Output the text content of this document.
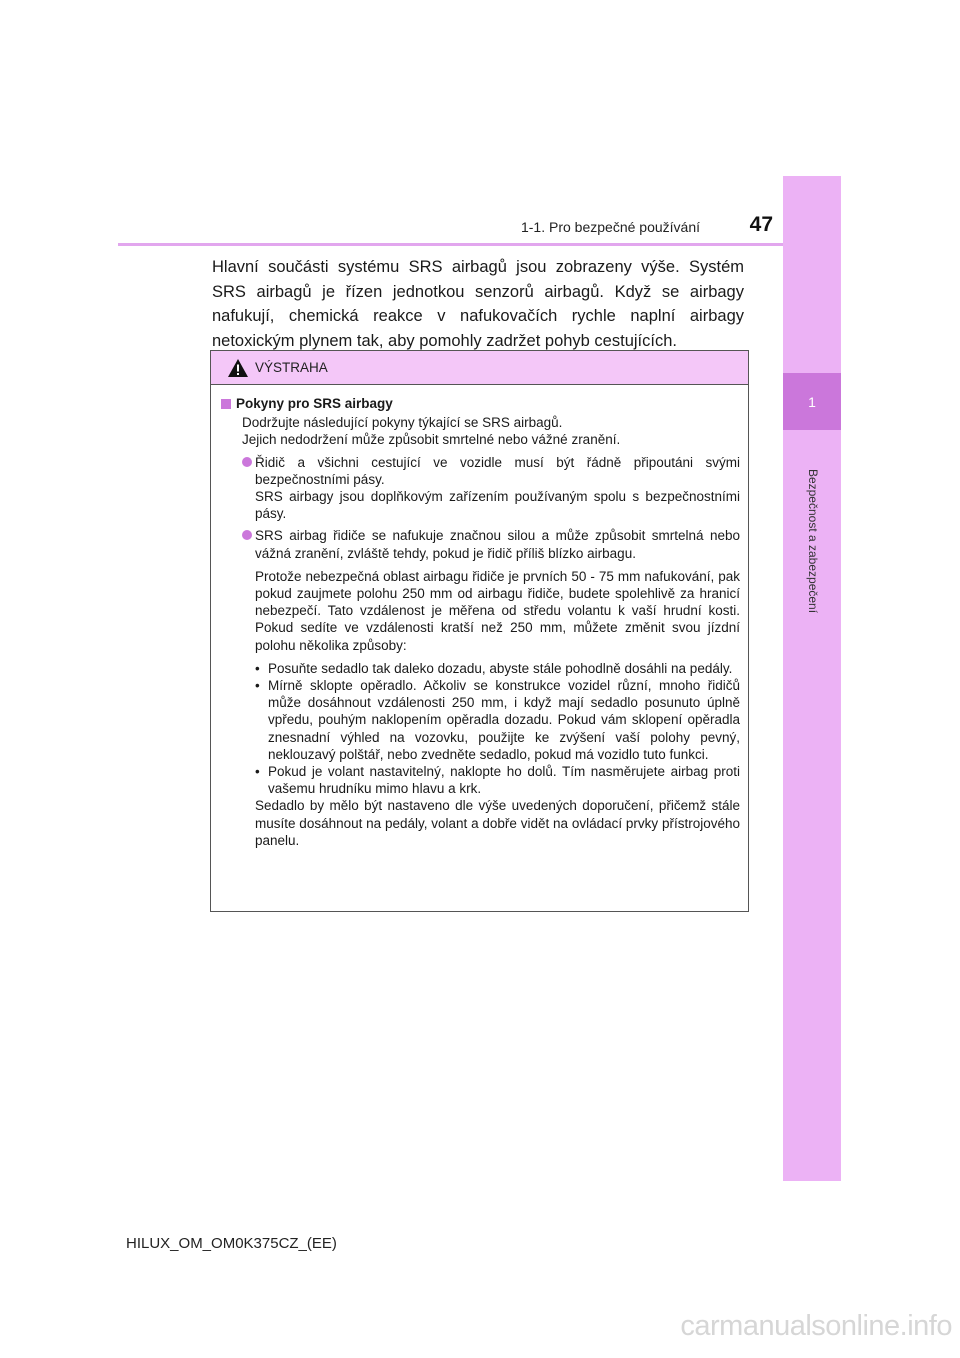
1-1. Pro bezpečné používání	47
1
Bezpečnost a zabezpečení

Hlavní součásti systému SRS airbagů jsou zobrazeny výše. Systém SRS airbagů je řízen jednotkou senzorů airbagů. Když se airbagy nafukují, chemická reakce v nafukovačích rychle naplní airbagy netoxickým plynem tak, aby pomohly zadržet pohyb cestujících.

VÝSTRAHA
Pokyny pro SRS airbagy

Dodržujte následující pokyny týkající se SRS airbagů.

Jejich nedodržení může způsobit smrtelné nebo vážné zranění.

Řidič a všichni cestující ve vozidle musí být řádně připoutáni svými bezpečnostními pásy.

SRS airbagy jsou doplňkovým zařízením používaným spolu s bezpečnostními pásy.

SRS airbag řidiče se nafukuje značnou silou a může způsobit smrtelná nebo vážná zranění, zvláště tehdy, pokud je řidič příliš blízko airbagu.

Protože nebezpečná oblast airbagu řidiče je prvních 50 - 75 mm nafukování, pak pokud zaujmete polohu 250 mm od airbagu řidiče, budete spolehlivě za hranicí nebezpečí. Tato vzdálenost je měřena od středu volantu k vaší hrudní kosti. Pokud sedíte ve vzdálenosti kratší než 250 mm, můžete změnit svou jízdní polohu několika způsoby:

• Posuňte sedadlo tak daleko dozadu, abyste stále pohodlně dosáhli na pedály.
• Mírně sklopte opěradlo. Ačkoliv se konstrukce vozidel různí, mnoho řidičů může dosáhnout vzdálenosti 250 mm, i když mají sedadlo posunuto úplně vpředu, pouhým naklopením opěradla dozadu. Pokud vám sklopení opěradla znesnadní výhled na vozovku, použijte ke zvýšení vaší polohy pevný, neklouzavý polštář, nebo zvedněte sedadlo, pokud má vozidlo tuto funkci.
• Pokud je volant nastavitelný, naklopte ho dolů. Tím nasměrujete airbag proti vašemu hrudníku mimo hlavu a krk.

Sedadlo by mělo být nastaveno dle výše uvedených doporučení, přičemž stále musíte dosáhnout na pedály, volant a dobře vidět na ovládací prvky přístrojového panelu.

HILUX_OM_OM0K375CZ_(EE)
carmanualsonline.info
